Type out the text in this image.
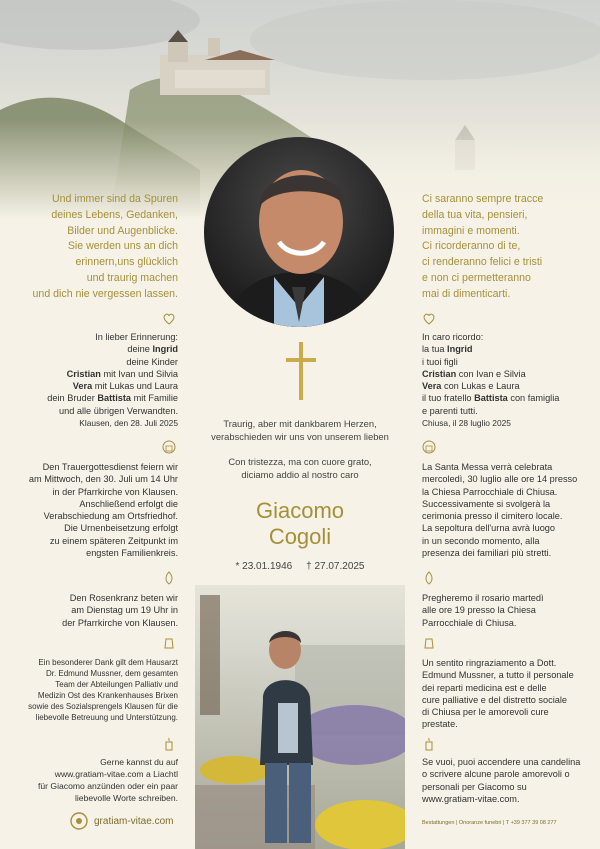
Und immer sind da Spuren

deines Lebens, Gedanken,

Bilder und Augenblicke.

Sie werden uns an dich

erinnern,uns glücklich

und traurig machen

und dich nie vergessen lassen.

Ci saranno sempre tracce

della tua vita, pensieri,

immagini e momenti.

Ci ricorderanno di te,

ci renderanno felici e tristi

e non ci permetteranno

mai di dimenticarti.

In lieber Erinnerung:

deine Ingrid

deine Kinder

Cristian mit Ivan und Silvia

Vera mit Lukas und Laura

dein Bruder Battista mit Familie

und alle übrigen Verwandten.

Klausen, den 28. Juli 2025

In caro ricordo:

la tua Ingrid

i tuoi figli

Cristian con Ivan e Silvia

Vera con Lukas e Laura

il tuo fratello Battista con famiglia

e parenti tutti.

Chiusa, il 28 luglio 2025

Den Trauergottesdienst feiern wir

am Mittwoch, den 30. Juli um 14 Uhr

in der Pfarrkirche von Klausen.

Anschließend erfolgt die

Verabschiedung am Ortsfriedhof.

Die Urnenbeisetzung erfolgt

zu einem späteren Zeitpunkt im

engsten Familienkreis.

La Santa Messa verrà celebrata

mercoledì, 30 luglio alle ore 14 presso

la Chiesa Parrocchiale di Chiusa.

Successivamente si svolgerà la

cerimonia presso il cimitero locale.

La sepoltura dell'urna avrà luogo

in un secondo momento, alla

presenza dei familiari più stretti.

Den Rosenkranz beten wir

am Dienstag um 19 Uhr in

der Pfarrkirche von Klausen.

Pregheremo il rosario martedì

alle ore 19 presso la Chiesa

Parrocchiale di Chiusa.

Ein besonderer Dank gilt dem Hausarzt

Dr. Edmund Mussner, dem gesamten

Team der Abteilungen Palliativ und

Medizin Ost des Krankenhauses Brixen

sowie des Sozialsprengels Klausen für die

liebevolle Betreuung und Unterstützung.

Un sentito ringraziamento a Dott.

Edmund Mussner, a tutto il personale

dei reparti medicina est e delle

cure palliative e del distretto sociale

di Chiusa per le amorevoli cure

prestate.

Gerne kannst du auf

www.gratiam-vitae.com a Liachtl

für Giacomo anzünden oder ein paar

liebevolle Worte schreiben.

Se vuoi, puoi accendere una candelina

o scrivere alcune parole amorevoli o

personali per Giacomo su

www.gratiam-vitae.com.

Traurig, aber mit dankbarem Herzen,
verabschieden wir uns von unserem lieben
Con tristezza, ma con cuore grato,
diciamo addio al nostro caro
Giacomo
Cogoli
* 23.01.1946 † 27.07.2025
gratiam-vitae.com	Bestattungen | Onoranze funebri | T +39 377 39 08 277
